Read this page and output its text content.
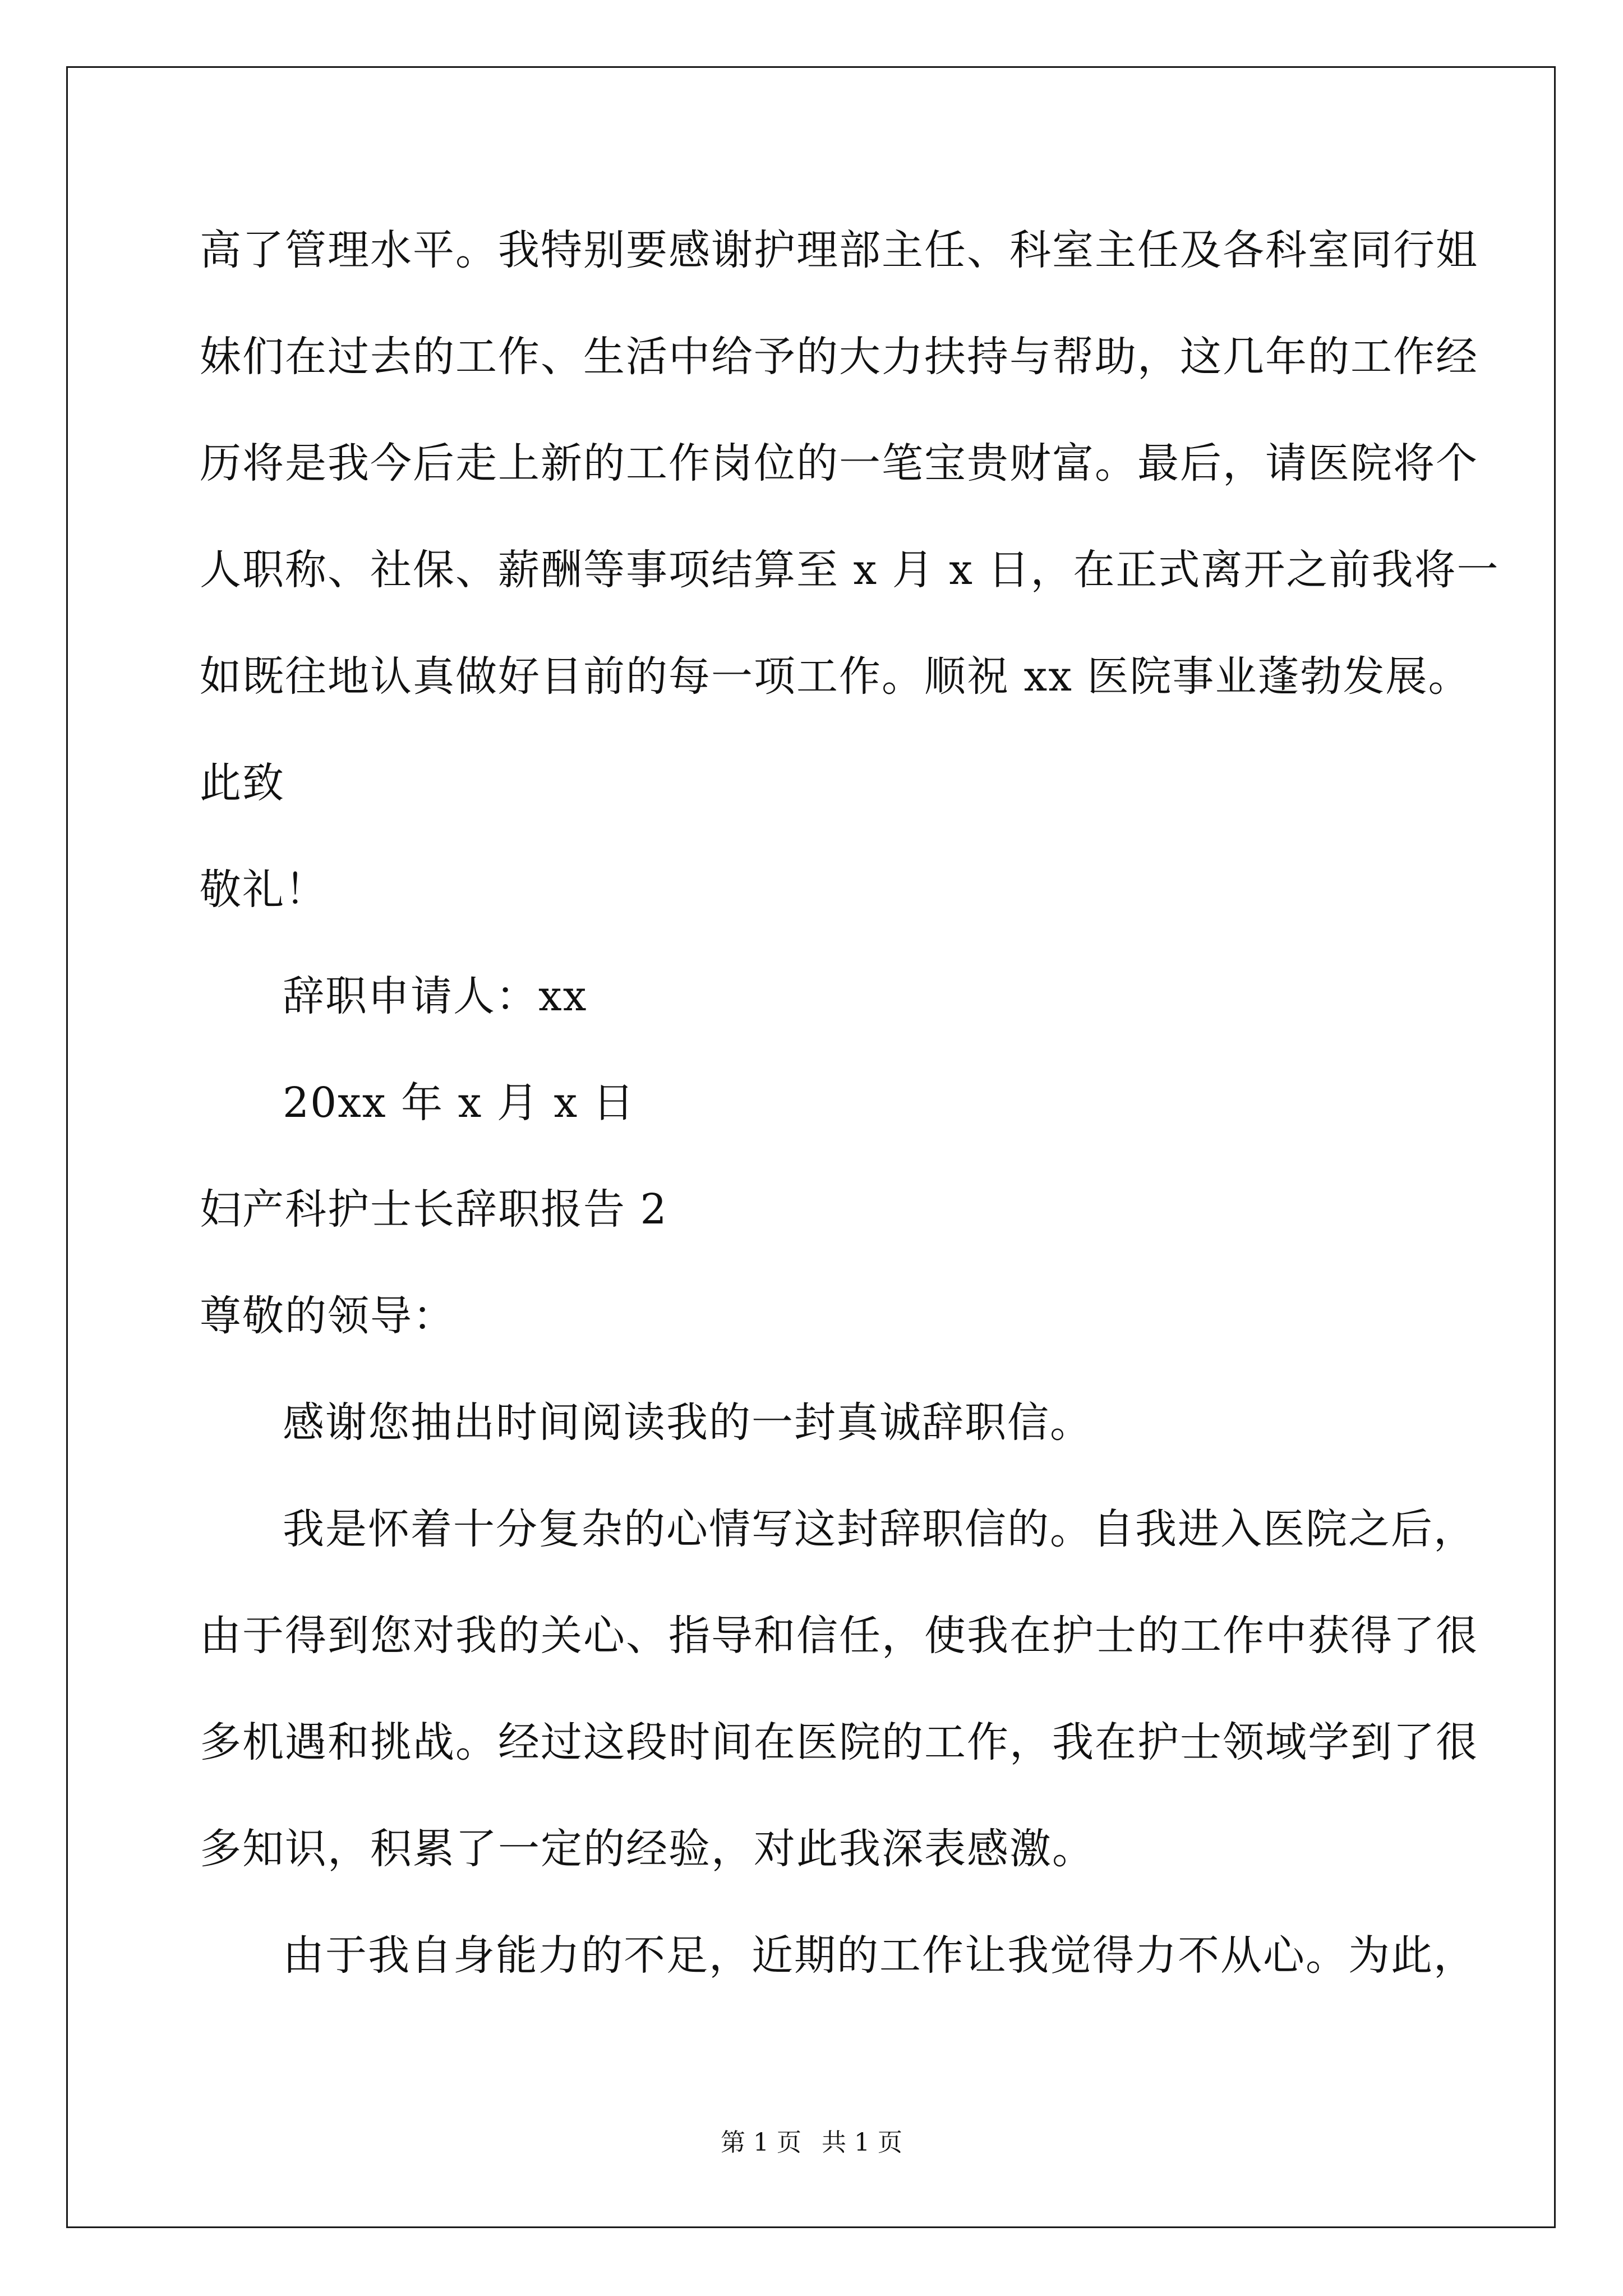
高了管理水平。我特别要感谢护理部主任、科室主任及各科室同行姐
妹们在过去的工作、生活中给予的大力扶持与帮助，这几年的工作经
历将是我今后走上新的工作岗位的一笔宝贵财富。最后，请医院将个
人职称、社保、薪酬等事项结算至 x 月 x 日，在正式离开之前我将一
如既往地认真做好目前的每一项工作。顺祝 xx 医院事业蓬勃发展。
此致
敬礼！
辞职申请人：xx
20xx 年 x 月 x 日
妇产科护士长辞职报告 2
尊敬的领导：
感谢您抽出时间阅读我的一封真诚辞职信。
我是怀着十分复杂的心情写这封辞职信的。自我进入医院之后，
由于得到您对我的关心、指导和信任，使我在护士的工作中获得了很
多机遇和挑战。经过这段时间在医院的工作，我在护士领域学到了很
多知识，积累了一定的经验，对此我深表感激。
由于我自身能力的不足，近期的工作让我觉得力不从心。为此，
第 1 页 共 1 页
